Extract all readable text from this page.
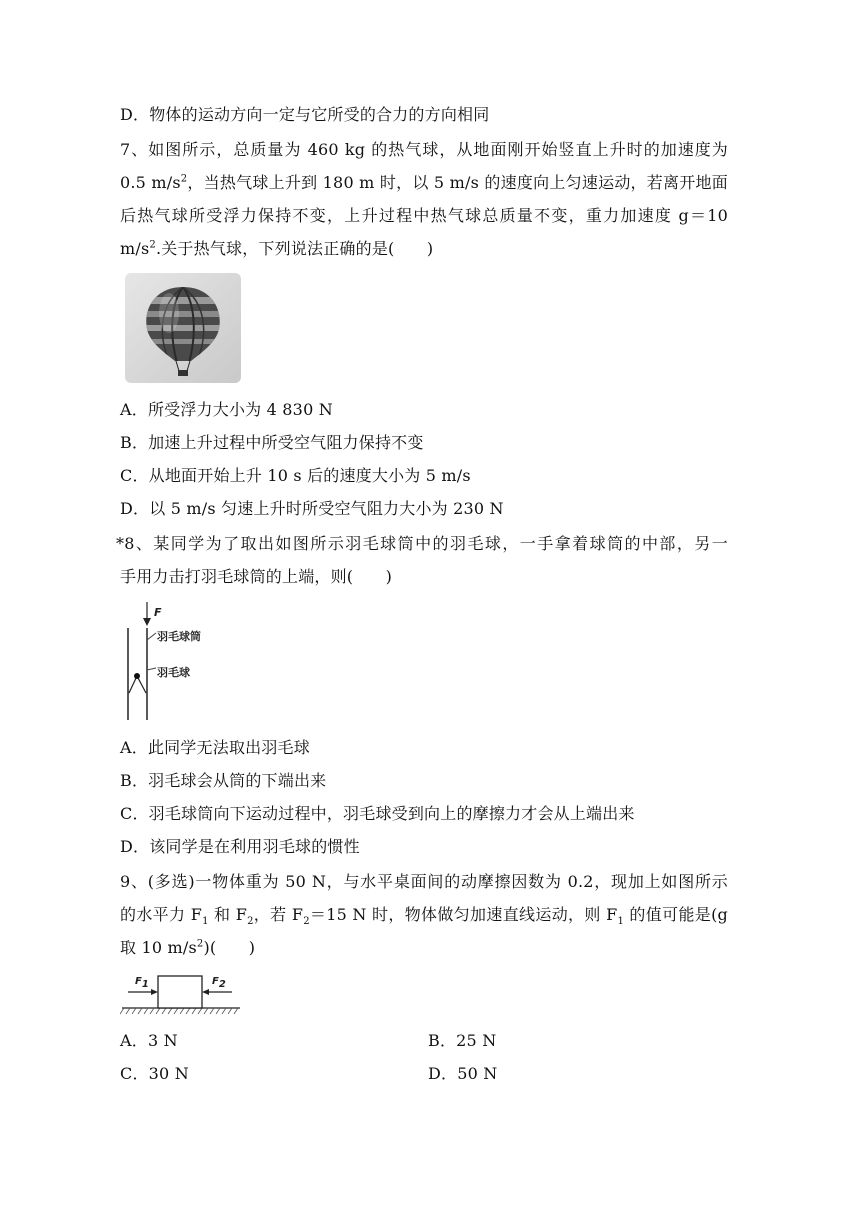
D．物体的运动方向一定与它所受的合力的方向相同
7、如图所示，总质量为 460 kg 的热气球，从地面刚开始竖直上升时的加速度为
0.5 $m/s^2$，当热气球上升到 180 m 时，以 5 m/s 的速度向上匀速运动，若离开地面
后热气球所受浮力保持不变，上升过程中热气球总质量不变，重力加速度 g＝10
$m/s^2$.关于热气球，下列说法正确的是(　　)
A．所受浮力大小为 4 830 N
B．加速上升过程中所受空气阻力保持不变
C．从地面开始上升 10 s 后的速度大小为 5 m/s
D．以 5 m/s 匀速上升时所受空气阻力大小为 230 N
*8、某同学为了取出如图所示羽毛球筒中的羽毛球，一手拿着球筒的中部，另一
手用力击打羽毛球筒的上端，则(　　)
F
羽毛球筒
羽毛球
A．此同学无法取出羽毛球
B．羽毛球会从筒的下端出来
C．羽毛球筒向下运动过程中，羽毛球受到向上的摩擦力才会从上端出来
D．该同学是在利用羽毛球的惯性
9、(多选)一物体重为 50 N，与水平桌面间的动摩擦因数为 0.2，现加上如图所示
的水平力 $F_1$ 和 $F_2$，若 $F_2=15$ N 时，物体做匀加速直线运动，则 $F_1$ 的值可能是(g
取 10 $m/s^2$)(　　)
$F_1$	$F_2$
A．3 N	B．25 N
C．30 N	D．50 N
